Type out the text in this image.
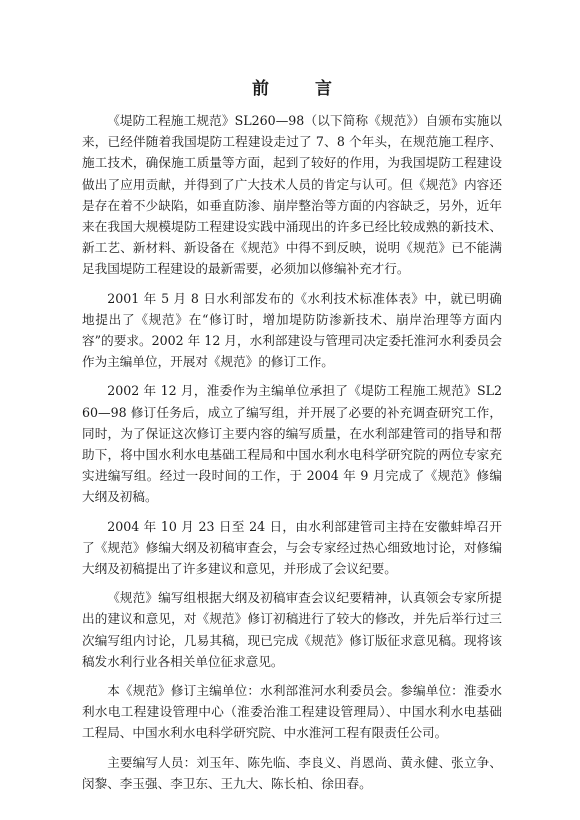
前 言

《堤防工程施工规范》SL260—98（以下简称《规范》）自颁布实施以来，已经伴随着我国堤防工程建设走过了 7、8 个年头，在规范施工程序、施工技术，确保施工质量等方面，起到了较好的作用，为我国堤防工程建设做出了应用贡献，并得到了广大技术人员的肯定与认可。但《规范》内容还是存在着不少缺陷，如垂直防渗、崩岸整治等方面的内容缺乏，另外，近年来在我国大规模堤防工程建设实践中涌现出的许多已经比较成熟的新技术、新工艺、新材料、新设备在《规范》中得不到反映，说明《规范》已不能满足我国堤防工程建设的最新需要，必须加以修编补充才行。

2001 年 5 月 8 日水利部发布的《水利技术标准体表》中，就已明确地提出了《规范》在“修订时，增加堤防防渗新技术、崩岸治理等方面内容”的要求。2002 年 12 月，水利部建设与管理司决定委托淮河水利委员会作为主编单位，开展对《规范》的修订工作。

2002 年 12 月，淮委作为主编单位承担了《堤防工程施工规范》SL260—98 修订任务后，成立了编写组，并开展了必要的补充调查研究工作，同时，为了保证这次修订主要内容的编写质量，在水利部建管司的指导和帮助下，将中国水利水电基础工程局和中国水利水电科学研究院的两位专家充实进编写组。经过一段时间的工作，于 2004 年 9 月完成了《规范》修编大纲及初稿。

2004 年 10 月 23 日至 24 日，由水利部建管司主持在安徽蚌埠召开了《规范》修编大纲及初稿审查会，与会专家经过热心细致地讨论，对修编大纲及初稿提出了许多建议和意见，并形成了会议纪要。

《规范》编写组根据大纲及初稿审查会议纪要精神，认真领会专家所提出的建议和意见，对《规范》修订初稿进行了较大的修改，并先后举行过三次编写组内讨论，几易其稿，现已完成《规范》修订版征求意见稿。现将该稿发水利行业各相关单位征求意见。

本《规范》修订主编单位：水利部淮河水利委员会。参编单位：淮委水利水电工程建设管理中心（淮委治淮工程建设管理局）、中国水利水电基础工程局、中国水利水电科学研究院、中水淮河工程有限责任公司。

主要编写人员：刘玉年、陈先临、李良义、肖恩尚、黄永健、张立争、闵黎、李玉强、李卫东、王九大、陈长柏、徐田春。
